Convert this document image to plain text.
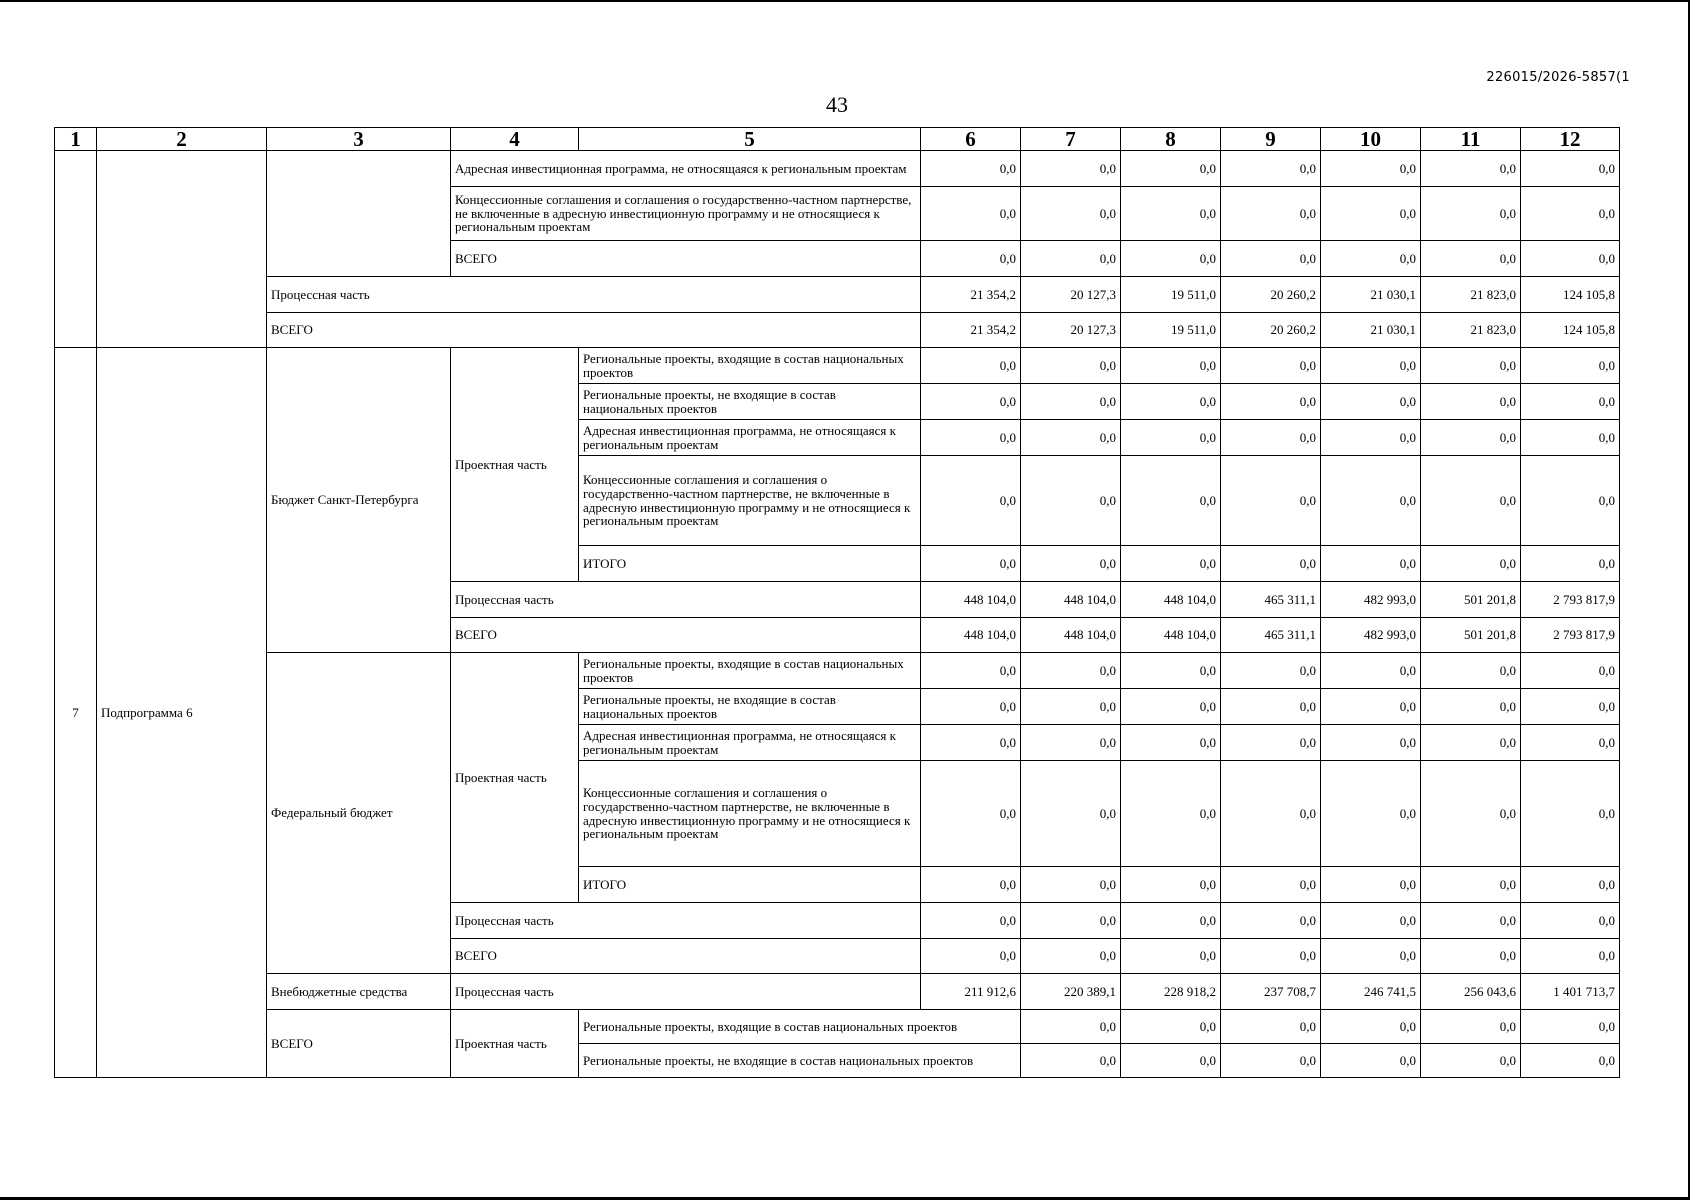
226015/2026-5857(1
43
1	2	3	4	5	6	7	8	9	10	11	12	
			Адресная инвестиционная программа, не относящаяся к региональным проектам		0,0	0,0	0,0	0,0	0,0	0,0	0,0	
			Концессионные соглашения и соглашения о государственно-частном партнерстве, не включенные в адресную инвестиционную программу и не относящиеся к региональным проектам		0,0	0,0	0,0	0,0	0,0	0,0	0,0	
			ВСЕГО		0,0	0,0	0,0	0,0	0,0	0,0	0,0	
		Процессная часть			21 354,2	20 127,3	19 511,0	20 260,2	21 030,1	21 823,0	124 105,8	
		ВСЕГО			21 354,2	20 127,3	19 511,0	20 260,2	21 030,1	21 823,0	124 105,8	
7	Подпрограмма 6	Бюджет Санкт-Петербурга	Проектная часть	Региональные проекты, входящие в состав национальных проектов	0,0	0,0	0,0	0,0	0,0	0,0	0,0	
				Региональные проекты, не входящие в состав национальных проектов	0,0	0,0	0,0	0,0	0,0	0,0	0,0	
				Адресная инвестиционная программа, не относящаяся к региональным проектам	0,0	0,0	0,0	0,0	0,0	0,0	0,0	
				Концессионные соглашения и соглашения о государственно-частном партнерстве, не включенные в адресную инвестиционную программу и не относящиеся к региональным проектам	0,0	0,0	0,0	0,0	0,0	0,0	0,0	
				ИТОГО	0,0	0,0	0,0	0,0	0,0	0,0	0,0	
			Процессная часть		448 104,0	448 104,0	448 104,0	465 311,1	482 993,0	501 201,8	2 793 817,9	
			ВСЕГО		448 104,0	448 104,0	448 104,0	465 311,1	482 993,0	501 201,8	2 793 817,9	
		Федеральный бюджет	Проектная часть	Региональные проекты, входящие в состав национальных проектов	0,0	0,0	0,0	0,0	0,0	0,0	0,0	
				Региональные проекты, не входящие в состав национальных проектов	0,0	0,0	0,0	0,0	0,0	0,0	0,0	
				Адресная инвестиционная программа, не относящаяся к региональным проектам	0,0	0,0	0,0	0,0	0,0	0,0	0,0	
				Концессионные соглашения и соглашения о государственно-частном партнерстве, не включенные в адресную инвестиционную программу и не относящиеся к региональным проектам	0,0	0,0	0,0	0,0	0,0	0,0	0,0	
				ИТОГО	0,0	0,0	0,0	0,0	0,0	0,0	0,0	
			Процессная часть		0,0	0,0	0,0	0,0	0,0	0,0	0,0	
			ВСЕГО		0,0	0,0	0,0	0,0	0,0	0,0	0,0	
		Внебюджетные средства	Процессная часть		211 912,6	220 389,1	228 918,2	237 708,7	246 741,5	256 043,6	1 401 713,7	
		ВСЕГО	Проектная часть	Региональные проекты, входящие в состав национальных проектов		0,0	0,0	0,0	0,0	0,0	0,0	
				Региональные проекты, не входящие в состав национальных проектов		0,0	0,0	0,0	0,0	0,0	0,0	
